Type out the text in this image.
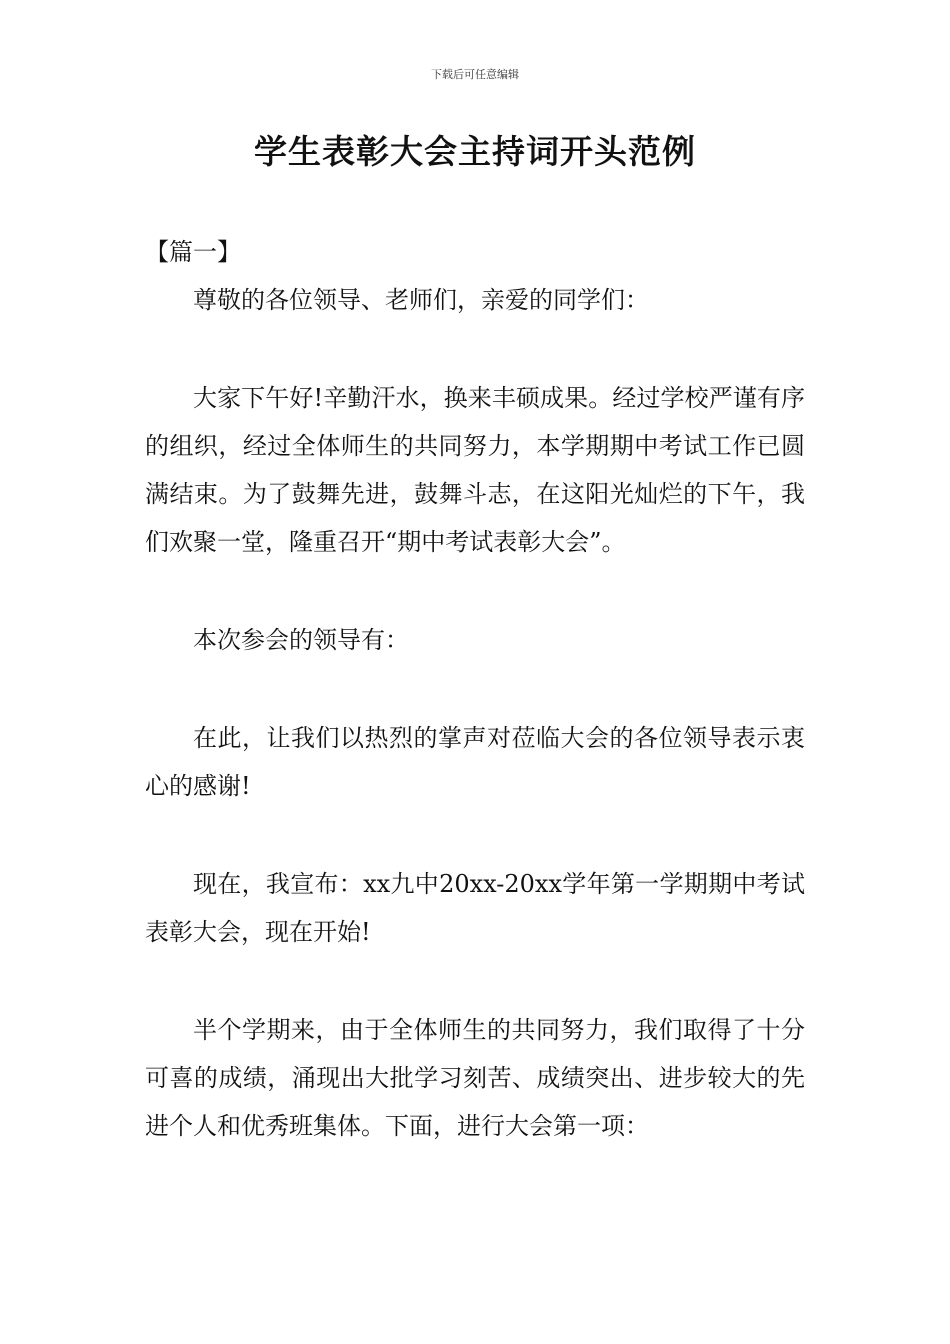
下载后可任意编辑
学生表彰大会主持词开头范例

【篇一】

尊敬的各位领导、老师们，亲爱的同学们：

大家下午好!辛勤汗水，换来丰硕成果。经过学校严谨有序的组织，经过全体师生的共同努力，本学期期中考试工作已圆满结束。为了鼓舞先进，鼓舞斗志，在这阳光灿烂的下午，我们欢聚一堂，隆重召开“期中考试表彰大会”。

本次参会的领导有：

在此，让我们以热烈的掌声对莅临大会的各位领导表示衷心的感谢!

现在，我宣布：xx九中20xx-20xx学年第一学期期中考试表彰大会，现在开始!

半个学期来，由于全体师生的共同努力，我们取得了十分可喜的成绩，涌现出大批学习刻苦、成绩突出、进步较大的先进个人和优秀班集体。下面，进行大会第一项：
